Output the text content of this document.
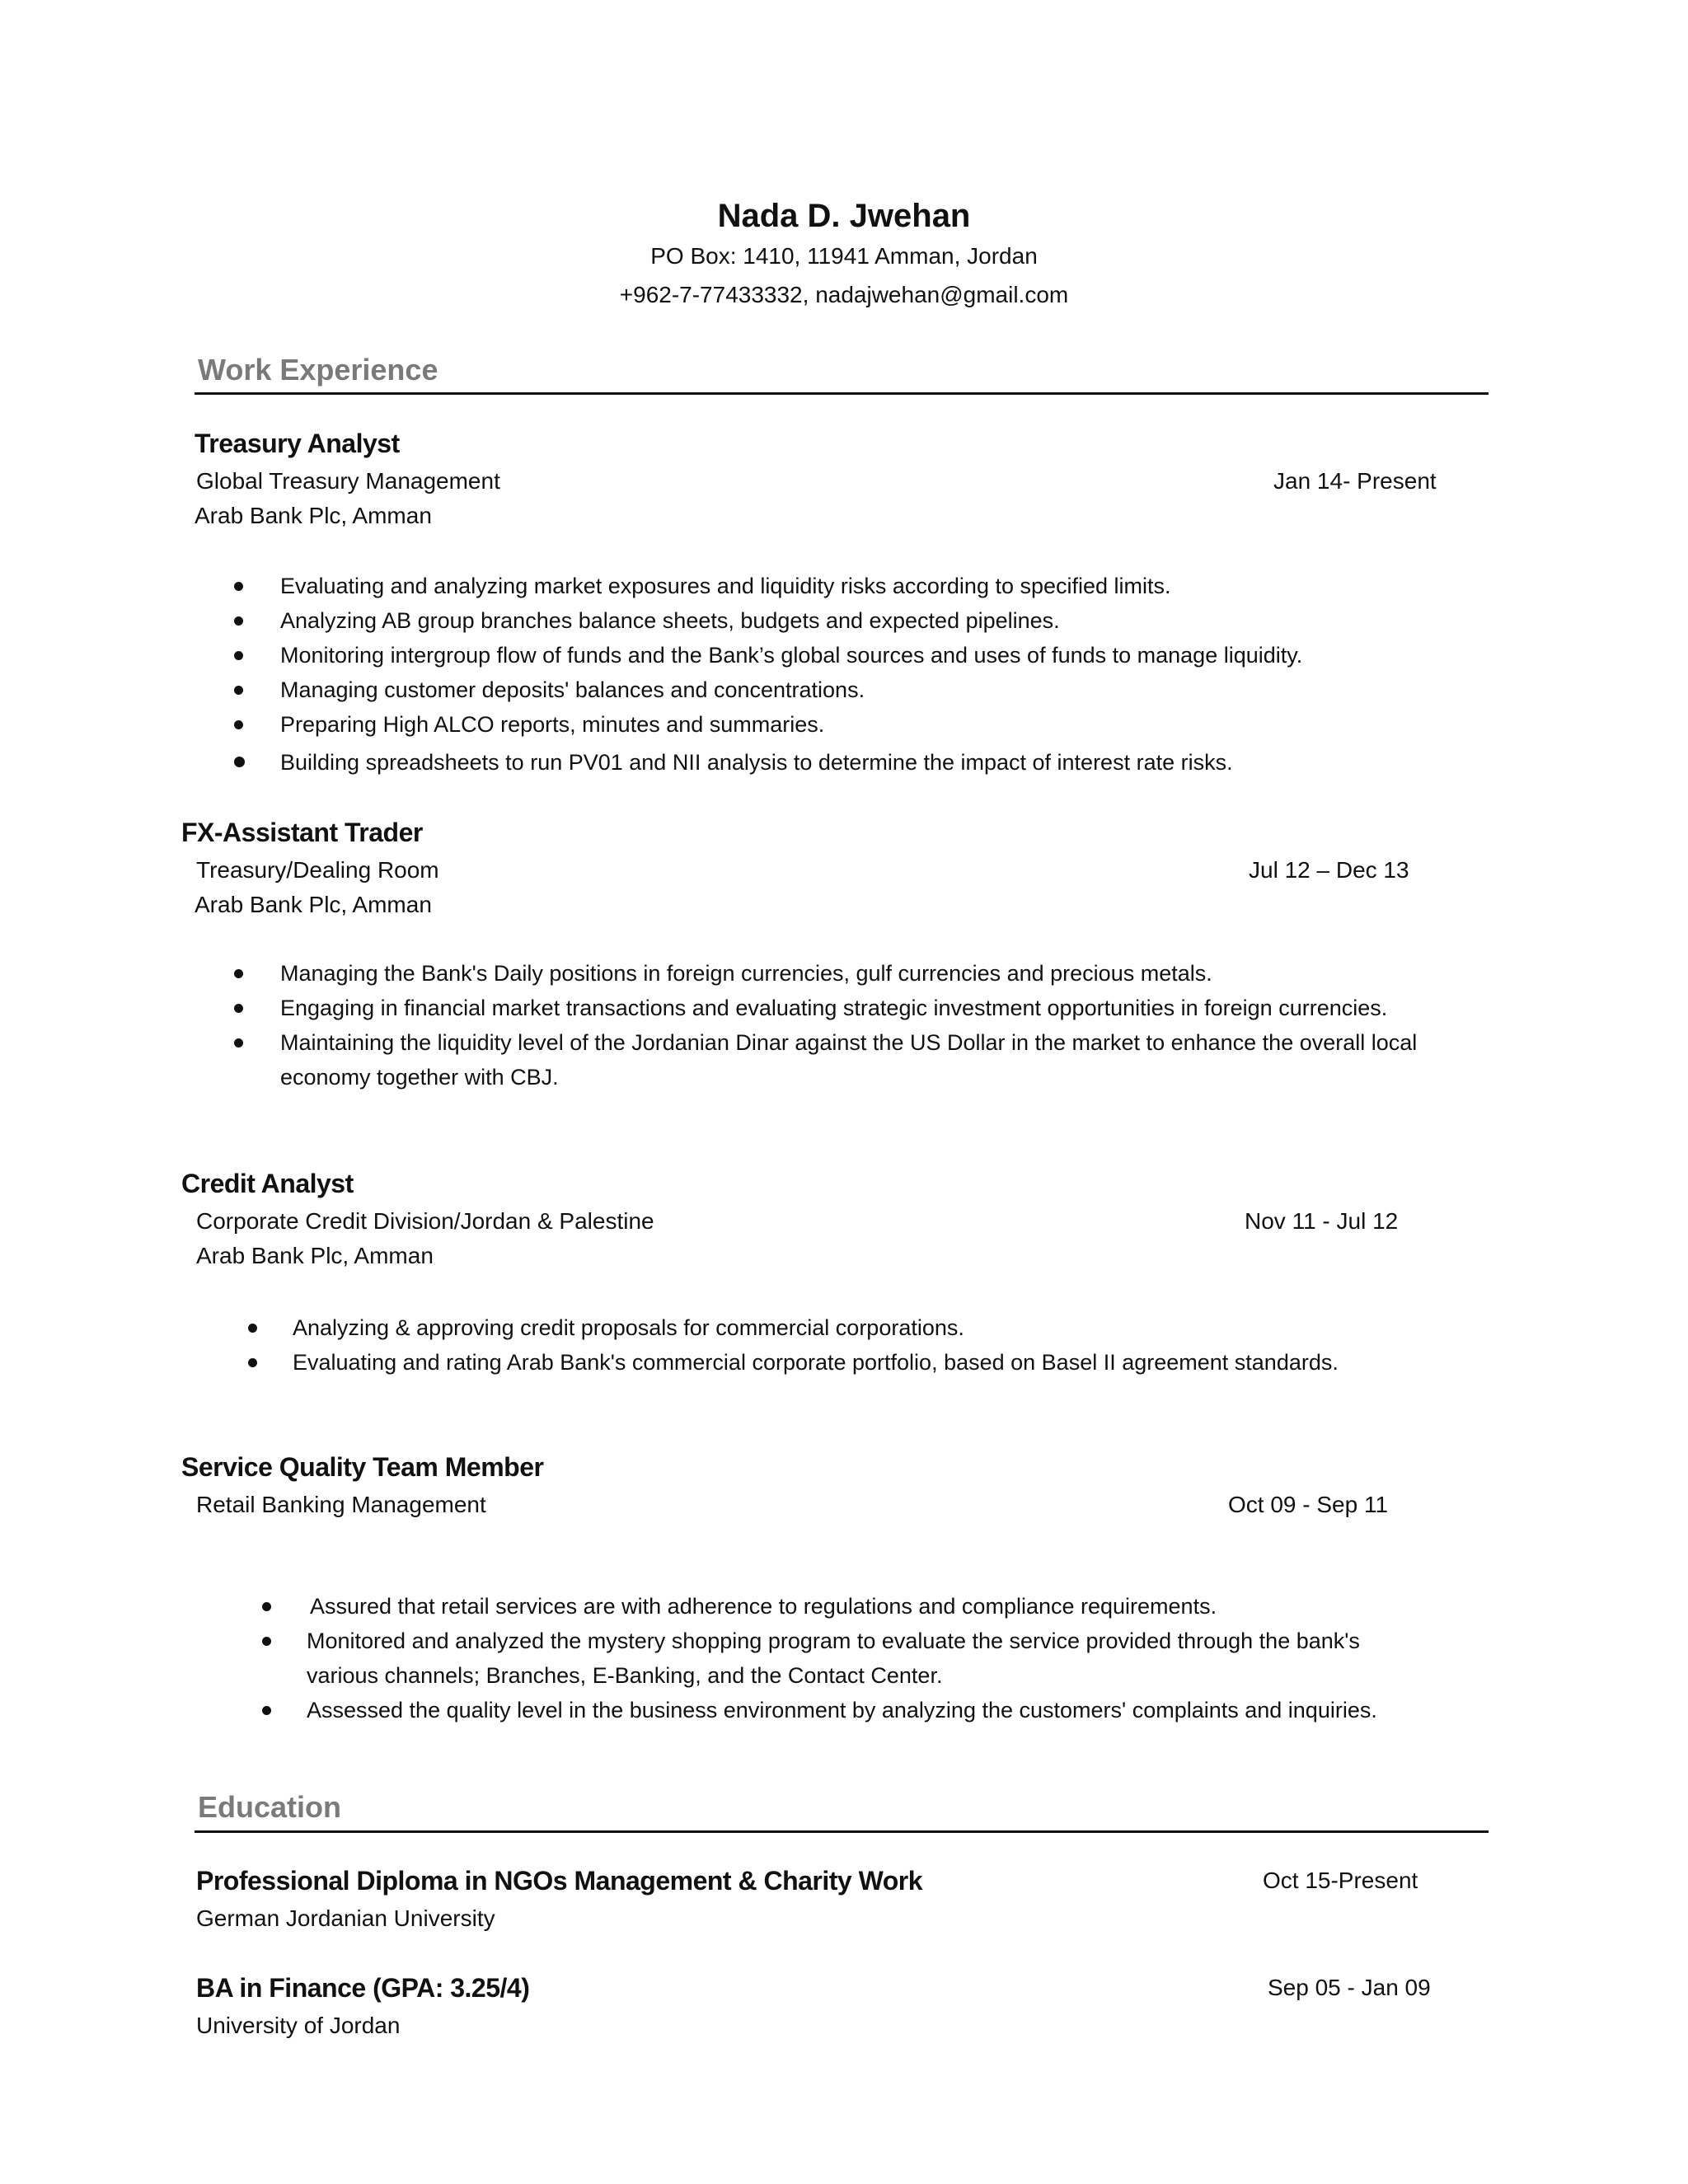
Nada D. Jwehan
PO Box: 1410, 11941 Amman, Jordan
+962-7-77433332, nadajwehan@gmail.com
Work Experience
Treasury Analyst
Global Treasury Management	Jan 14- Present
Arab Bank Plc, Amman
Evaluating and analyzing market exposures and liquidity risks according to specified limits.
Analyzing AB group branches balance sheets, budgets and expected pipelines.
Monitoring intergroup flow of funds and the Bank’s global sources and uses of funds to manage liquidity.
Managing customer deposits' balances and concentrations.
Preparing High ALCO reports, minutes and summaries.
Building spreadsheets to run PV01 and NII analysis to determine the impact of interest rate risks.
FX-Assistant Trader
Treasury/Dealing Room	Jul 12 – Dec 13
Arab Bank Plc, Amman
Managing the Bank's Daily positions in foreign currencies, gulf currencies and precious metals.
Engaging in financial market transactions and evaluating strategic investment opportunities in foreign currencies.
Maintaining the liquidity level of the Jordanian Dinar against the US Dollar in the market to enhance the overall local economy together with CBJ.
Credit Analyst
Corporate Credit Division/Jordan & Palestine	Nov 11 - Jul 12
Arab Bank Plc, Amman
Analyzing & approving credit proposals for commercial corporations.
Evaluating and rating Arab Bank's commercial corporate portfolio, based on Basel II agreement standards.
Service Quality Team Member
Retail Banking Management	Oct 09 - Sep 11
Assured that retail services are with adherence to regulations and compliance requirements.
Monitored and analyzed the mystery shopping program to evaluate the service provided through the bank's various channels; Branches, E-Banking, and the Contact Center.
Assessed the quality level in the business environment by analyzing the customers' complaints and inquiries.
Education
Professional Diploma in NGOs Management & Charity Work	Oct 15-Present
German Jordanian University
BA in Finance (GPA: 3.25/4)	Sep 05 - Jan 09
University of Jordan
